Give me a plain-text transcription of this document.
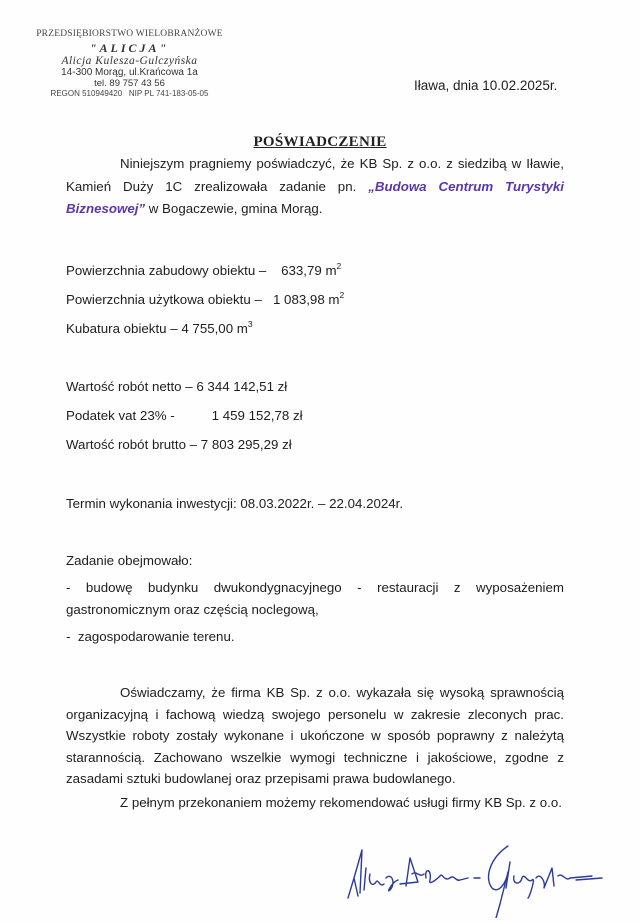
PRZEDSIĘBIORSTWO WIELOBRANŻOWE
"ALICJA"
Alicja Kulesza-Gulczyńska
14-300 Morąg, ul.Krańcowa 1a
tel. 89 757 43 56
REGON 510949420   NIP PL 741-183-05-05	Iława, dnia 10.02.2025r.
POŚWIADCZENIE
Niniejszym pragniemy poświadczyć, że KB Sp. z o.o. z siedzibą w Iławie, Kamień Duży 1C zrealizowała zadanie pn. „Budowa Centrum Turystyki Biznesowej” w Bogaczewie, gmina Morąg.
Powierzchnia zabudowy obiektu –    633,79 $m^2$
Powierzchnia użytkowa obiektu –   1 083,98 $m^2$
Kubatura obiektu – 4 755,00 $m^3$
Wartość robót netto – 6 344 142,51 zł
Podatek vat 23% -          1 459 152,78 zł
Wartość robót brutto – 7 803 295,29 zł
Termin wykonania inwestycji: 08.03.2022r. – 22.04.2024r.
Zadanie obejmowało:
- budowę budynku dwukondygnacyjnego - restauracji z wyposażeniem gastronomicznym oraz częścią noclegową,
-  zagospodarowanie terenu.
Oświadczamy, że firma KB Sp. z o.o. wykazała się wysoką sprawnością organizacyjną i fachową wiedzą swojego personelu w zakresie zleconych prac. Wszystkie roboty zostały wykonane i ukończone w sposób poprawny z należytą starannością. Zachowano wszelkie wymogi techniczne i jakościowe, zgodne z zasadami sztuki budowlanej oraz przepisami prawa budowlanego.
Z pełnym przekonaniem możemy rekomendować usługi firmy KB Sp. z o.o.
